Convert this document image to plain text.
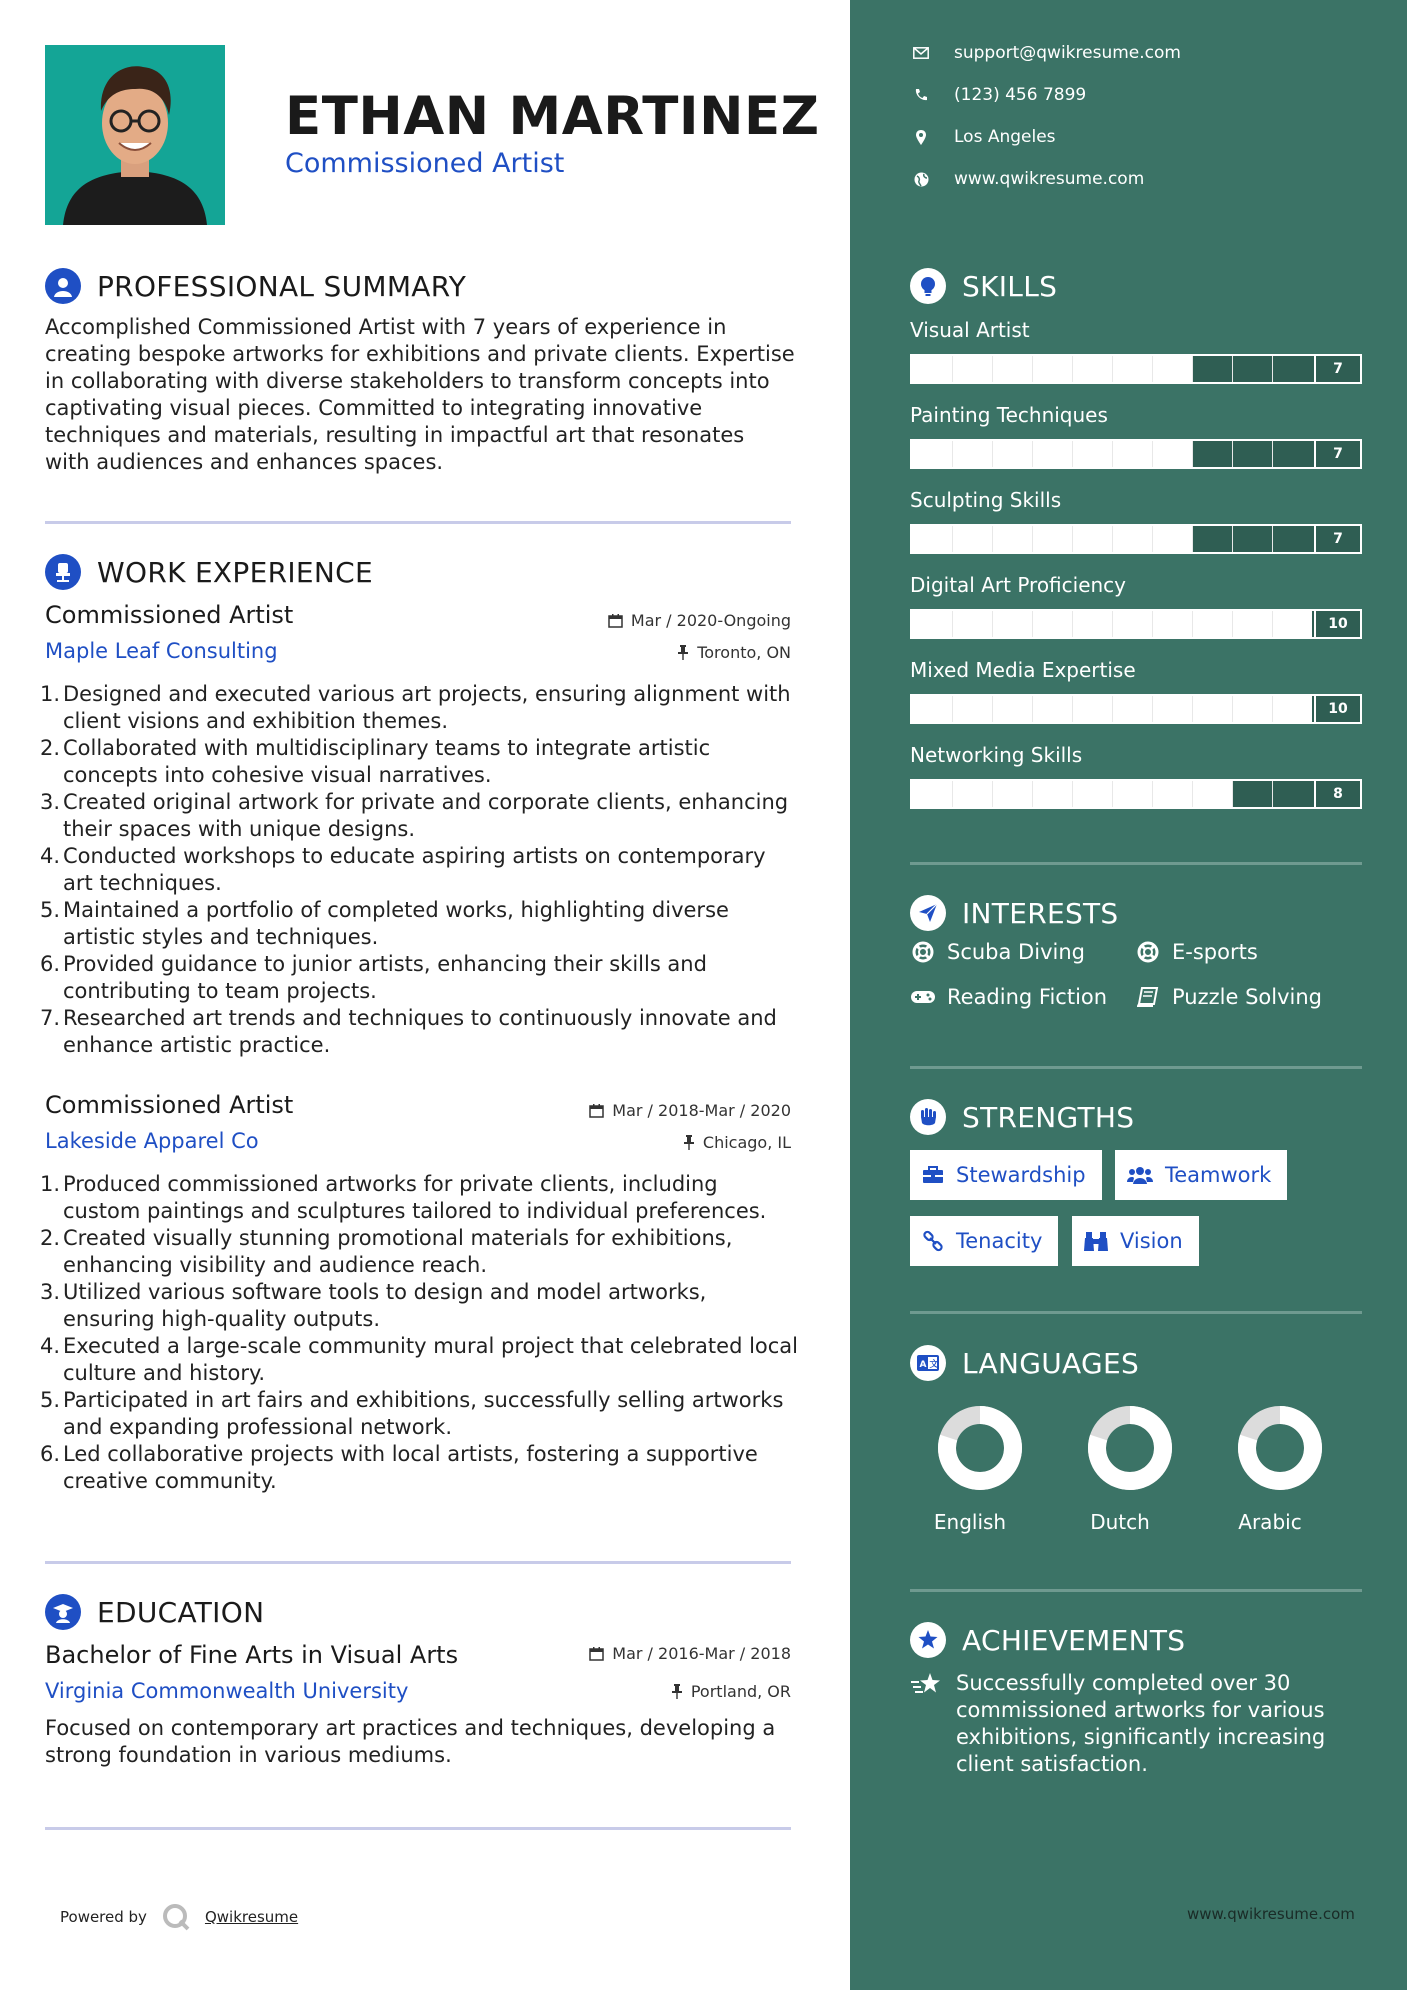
ETHAN MARTINEZ
Commissioned Artist
PROFESSIONAL SUMMARY
Accomplished Commissioned Artist with 7 years of experience in creating bespoke artworks for exhibitions and private clients. Expertise in collaborating with diverse stakeholders to transform concepts into captivating visual pieces. Committed to integrating innovative techniques and materials, resulting in impactful art that resonates with audiences and enhances spaces.
WORK EXPERIENCE
Commissioned Artist	Mar / 2020-Ongoing
Maple Leaf Consulting	Toronto, ON
1. Designed and executed various art projects, ensuring alignment with client visions and exhibition themes.
2. Collaborated with multidisciplinary teams to integrate artistic concepts into cohesive visual narratives.
3. Created original artwork for private and corporate clients, enhancing their spaces with unique designs.
4. Conducted workshops to educate aspiring artists on contemporary art techniques.
5. Maintained a portfolio of completed works, highlighting diverse artistic styles and techniques.
6. Provided guidance to junior artists, enhancing their skills and contributing to team projects.
7. Researched art trends and techniques to continuously innovate and enhance artistic practice.
Commissioned Artist	Mar / 2018-Mar / 2020
Lakeside Apparel Co	Chicago, IL
1. Produced commissioned artworks for private clients, including custom paintings and sculptures tailored to individual preferences.
2. Created visually stunning promotional materials for exhibitions, enhancing visibility and audience reach.
3. Utilized various software tools to design and model artworks, ensuring high-quality outputs.
4. Executed a large-scale community mural project that celebrated local culture and history.
5. Participated in art fairs and exhibitions, successfully selling artworks and expanding professional network.
6. Led collaborative projects with local artists, fostering a supportive creative community.
EDUCATION
Bachelor of Fine Arts in Visual Arts	Mar / 2016-Mar / 2018
Virginia Commonwealth University	Portland, OR
Focused on contemporary art practices and techniques, developing a strong foundation in various mediums.
Powered by	Qwikresume
support@qwikresume.com
(123) 456 7899
Los Angeles
www.qwikresume.com
SKILLS
Visual Artist
7
Painting Techniques
7
Sculpting Skills
7
Digital Art Proficiency
10
Mixed Media Expertise
10
Networking Skills
8
INTERESTS
Scuba Diving	E-sports
Reading Fiction	Puzzle Solving
STRENGTHS
Stewardship	Teamwork
Tenacity	Vision
A 文 LANGUAGES
English	Dutch	Arabic
ACHIEVEMENTS
Successfully completed over 30 commissioned artworks for various exhibitions, significantly increasing client satisfaction.
www.qwikresume.com
